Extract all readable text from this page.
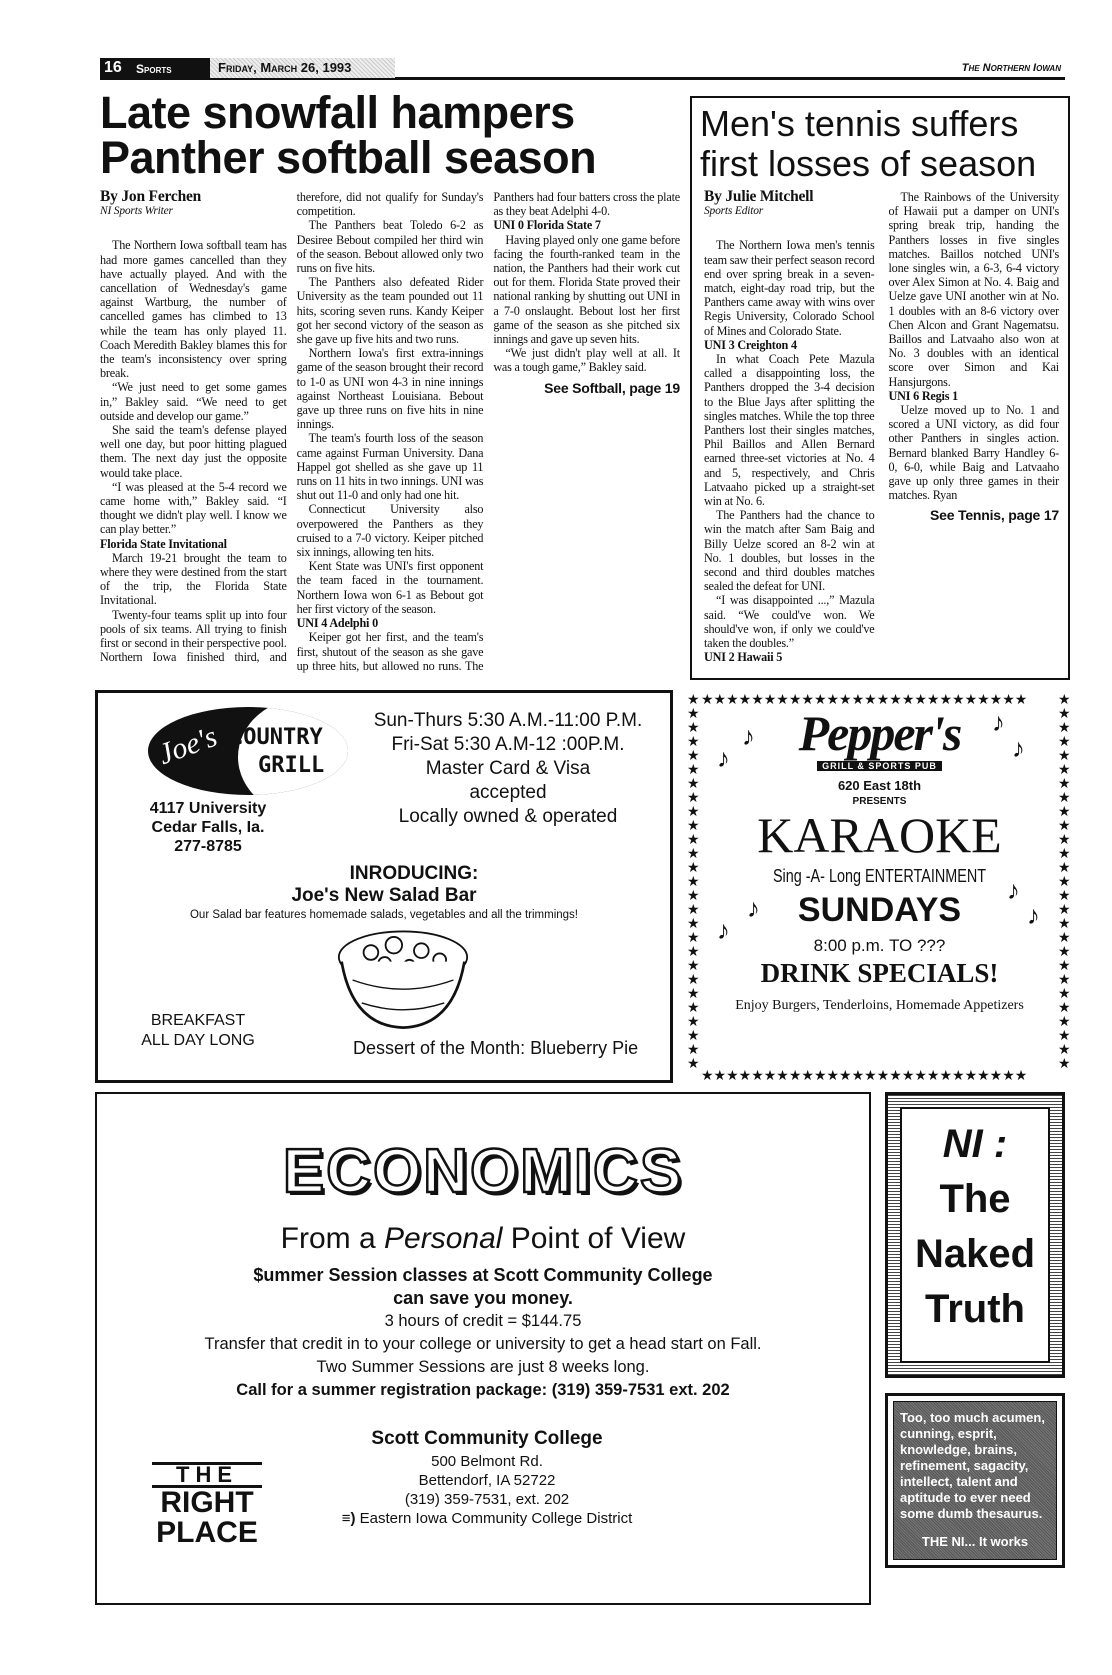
16	Sports	Friday, March 26, 1993	The Northern Iowan
Late snowfall hampers Panther softball season

By Jon Ferchen

NI Sports Writer

The Northern Iowa softball team has had more games cancelled than they have actually played. And with the cancellation of Wednesday's game against Wartburg, the number of cancelled games has climbed to 13 while the team has only played 11. Coach Meredith Bakley blames this for the team's inconsistency over spring break.

“We just need to get some games in,” Bakley said. “We need to get outside and develop our game.”

She said the team's defense played well one day, but poor hitting plagued them. The next day just the opposite would take place.

“I was pleased at the 5-4 record we came home with,” Bakley said. “I thought we didn't play well. I know we can play better.”

Florida State Invitational

March 19-21 brought the team to where they were destined from the start of the trip, the Florida State Invitational.

Twenty-four teams split up into four pools of six teams. All trying to finish first or second in their perspective pool. Northern Iowa finished third, and therefore, did not qualify for Sunday's competition.

The Panthers beat Toledo 6-2 as Desiree Bebout compiled her third win of the season. Bebout allowed only two runs on five hits.

The Panthers also defeated Rider University as the team pounded out 11 hits, scoring seven runs. Kandy Keiper got her second victory of the season as she gave up five hits and two runs.

Northern Iowa's first extra-innings game of the season brought their record to 1-0 as UNI won 4-3 in nine innings against Northeast Louisiana. Bebout gave up three runs on five hits in nine innings.

The team's fourth loss of the season came against Furman University. Dana Happel got shelled as she gave up 11 runs on 11 hits in two innings. UNI was shut out 11-0 and only had one hit.

Connecticut University also overpowered the Panthers as they cruised to a 7-0 victory. Keiper pitched six innings, allowing ten hits.

Kent State was UNI's first opponent the team faced in the tournament. Northern Iowa won 6-1 as Bebout got her first victory of the season.

UNI 4 Adelphi 0

Keiper got her first, and the team's first, shutout of the season as she gave up three hits, but allowed no runs. The Panthers had four batters cross the plate as they beat Adelphi 4-0.

UNI 0 Florida State 7

Having played only one game before facing the fourth-ranked team in the nation, the Panthers had their work cut out for them. Florida State proved their national ranking by shutting out UNI in a 7-0 onslaught. Bebout lost her first game of the season as she pitched six innings and gave up seven hits.

“We just didn't play well at all. It was a tough game,” Bakley said.

See Softball, page 19

Men's tennis suffers first losses of season

By Julie Mitchell

Sports Editor

The Northern Iowa men's tennis team saw their perfect season record end over spring break in a seven-match, eight-day road trip, but the Panthers came away with wins over Regis University, Colorado School of Mines and Colorado State.

UNI 3 Creighton 4

In what Coach Pete Mazula called a disappointing loss, the Panthers dropped the 3-4 decision to the Blue Jays after splitting the singles matches. While the top three Panthers lost their singles matches, Phil Baillos and Allen Bernard earned three-set victories at No. 4 and 5, respectively, and Chris Latvaaho picked up a straight-set win at No. 6.

The Panthers had the chance to win the match after Sam Baig and Billy Uelze scored an 8-2 win at No. 1 doubles, but losses in the second and third doubles matches sealed the defeat for UNI.

“I was disappointed ...,” Mazula said. “We could've won. We should've won, if only we could've taken the doubles.”

UNI 2 Hawaii 5

The Rainbows of the University of Hawaii put a damper on UNI's spring break trip, handing the Panthers losses in five singles matches. Baillos notched UNI's lone singles win, a 6-3, 6-4 victory over Alex Simon at No. 4. Baig and Uelze gave UNI another win at No. 1 doubles with an 8-6 victory over Chen Alcon and Grant Nagematsu. Baillos and Latvaaho also won at No. 3 doubles with an identical score over Simon and Kai Hansjurgons.

UNI 6 Regis 1

Uelze moved up to No. 1 and scored a UNI victory, as did four other Panthers in singles action. Bernard blanked Barry Handley 6-0, 6-0, while Baig and Latvaaho gave up only three games in their matches. Ryan

See Tennis, page 17

Joe's COUNTRY
GRILL
4117 University
Cedar Falls, Ia.
277-8785
Sun-Thurs 5:30 A.M.-11:00 P.M.
Fri-Sat 5:30 A.M-12 :00P.M.
Master Card & Visa
accepted
Locally owned & operated
INRODUCING:
Joe's New Salad Bar
Our Salad bar features homemade salads, vegetables and all the trimmings!
BREAKFAST
ALL DAY LONG	Dessert of the Month: Blueberry Pie
★★★★★★★★★★★★★★★★★★★★★★★★★★
★★★★★★★★★★★★★★★★★★★★★★★★★★
★★★★★★★★★★★★★★★★★★★★★★★★★★★
★★★★★★★★★★★★★★★★★★★★★★★★★★★
♪
♪
♪
♪
♪
♪
♪
♪
Pepper's
GRILL & SPORTS PUB
620 East 18th
PRESENTS
KARAOKE
Sing -A- Long ENTERTAINMENT
SUNDAYS
8:00 p.m. TO ???
DRINK SPECIALS!
Enjoy Burgers, Tenderloins, Homemade Appetizers
ECONOMICS
From a Personal Point of View
$ummer Session classes at Scott Community College
can save you money.
3 hours of credit = $144.75
Transfer that credit in to your college or university to get a head start on Fall.
Two Summer Sessions are just 8 weeks long.
Call for a summer registration package: (319) 359-7531 ext. 202
THE
RIGHT
PLACE
Scott Community College
500 Belmont Rd.
Bettendorf, IA 52722
(319) 359-7531, ext. 202
≡) Eastern Iowa Community College District
NI :
The
Naked
Truth
Too, too much acumen, cunning, esprit, knowledge, brains, refinement, sagacity, intellect, talent and aptitude to ever need some dumb thesaurus.
THE NI... It works
